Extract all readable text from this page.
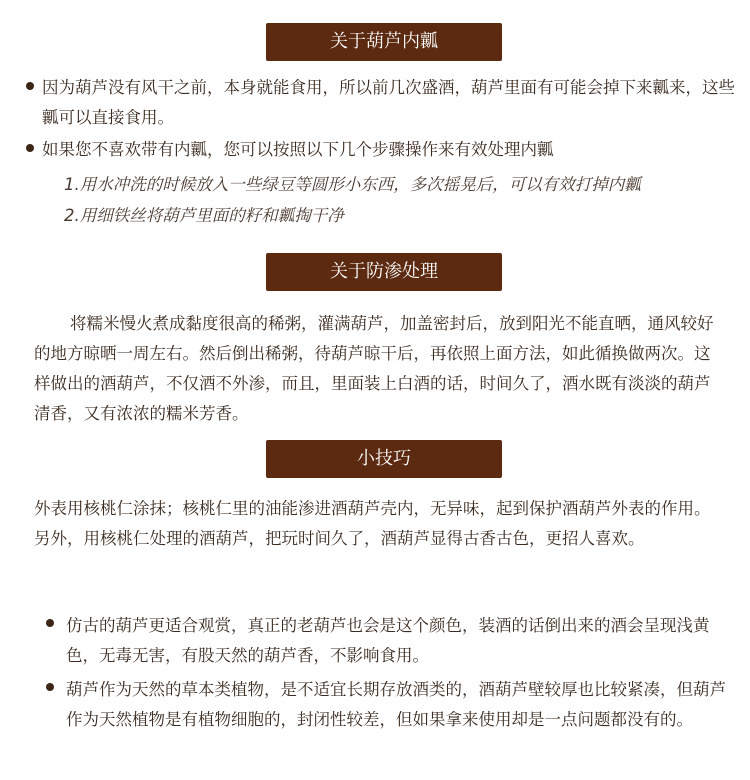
关于葫芦内瓤
因为葫芦没有风干之前，本身就能食用，所以前几次盛酒，葫芦里面有可能会掉下来瓤来，这些瓤可以直接食用。
如果您不喜欢带有内瓤，您可以按照以下几个步骤操作来有效处理内瓤
1.用水冲洗的时候放入一些绿豆等圆形小东西，多次摇晃后，可以有效打掉内瓤
2.用细铁丝将葫芦里面的籽和瓤掏干净
关于防渗处理
将糯米慢火煮成黏度很高的稀粥，灌满葫芦，加盖密封后，放到阳光不能直晒，通风较好的地方晾晒一周左右。然后倒出稀粥，待葫芦晾干后，再依照上面方法，如此循换做两次。这样做出的酒葫芦，不仅酒不外渗，而且，里面装上白酒的话，时间久了，酒水既有淡淡的葫芦清香，又有浓浓的糯米芳香。
小技巧
外表用核桃仁涂抹；核桃仁里的油能渗进酒葫芦壳内，无异味，起到保护酒葫芦外表的作用。另外，用核桃仁处理的酒葫芦，把玩时间久了，酒葫芦显得古香古色，更招人喜欢。
仿古的葫芦更适合观赏，真正的老葫芦也会是这个颜色，装酒的话倒出来的酒会呈现浅黄色，无毒无害，有股天然的葫芦香，不影响食用。
葫芦作为天然的草本类植物，是不适宜长期存放酒类的，酒葫芦壁较厚也比较紧凑，但葫芦作为天然植物是有植物细胞的，封闭性较差，但如果拿来使用却是一点问题都没有的。
